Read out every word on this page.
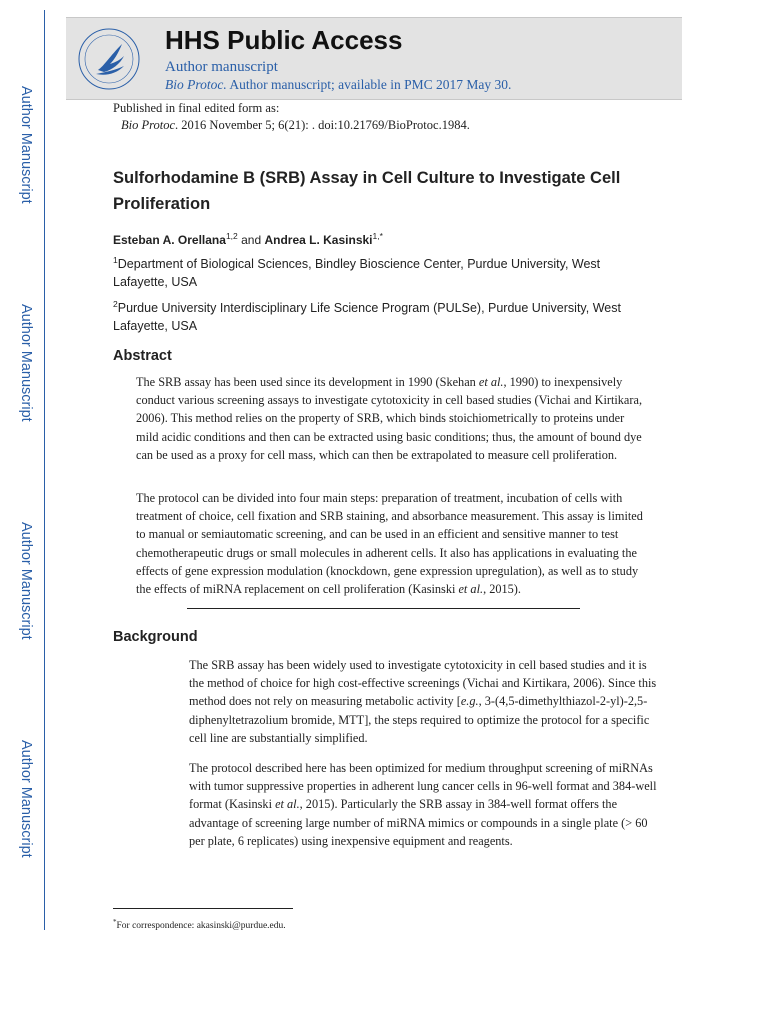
Author Manuscript
Author Manuscript
Author Manuscript
Author Manuscript
HHS Public Access
Author manuscript
Bio Protoc. Author manuscript; available in PMC 2017 May 30.
Published in final edited form as:
Bio Protoc. 2016 November 5; 6(21): . doi:10.21769/BioProtoc.1984.
Sulforhodamine B (SRB) Assay in Cell Culture to Investigate Cell Proliferation
Esteban A. Orellana$^{1,2}$ and Andrea L. Kasinski$^{1,*}$
$^1$Department of Biological Sciences, Bindley Bioscience Center, Purdue University, West Lafayette, USA
$^2$Purdue University Interdisciplinary Life Science Program (PULSe), Purdue University, West Lafayette, USA
Abstract
The SRB assay has been used since its development in 1990 (Skehan et al., 1990) to inexpensively conduct various screening assays to investigate cytotoxicity in cell based studies (Vichai and Kirtikara, 2006). This method relies on the property of SRB, which binds stoichiometrically to proteins under mild acidic conditions and then can be extracted using basic conditions; thus, the amount of bound dye can be used as a proxy for cell mass, which can then be extrapolated to measure cell proliferation.
The protocol can be divided into four main steps: preparation of treatment, incubation of cells with treatment of choice, cell fixation and SRB staining, and absorbance measurement. This assay is limited to manual or semiautomatic screening, and can be used in an efficient and sensitive manner to test chemotherapeutic drugs or small molecules in adherent cells. It also has applications in evaluating the effects of gene expression modulation (knockdown, gene expression upregulation), as well as to study the effects of miRNA replacement on cell proliferation (Kasinski et al., 2015).
Background
The SRB assay has been widely used to investigate cytotoxicity in cell based studies and it is the method of choice for high cost-effective screenings (Vichai and Kirtikara, 2006). Since this method does not rely on measuring metabolic activity [e.g., 3-(4,5-dimethylthiazol-2-yl)-2,5-diphenyltetrazolium bromide, MTT], the steps required to optimize the protocol for a specific cell line are substantially simplified.
The protocol described here has been optimized for medium throughput screening of miRNAs with tumor suppressive properties in adherent lung cancer cells in 96-well format and 384-well format (Kasinski et al., 2015). Particularly the SRB assay in 384-well format offers the advantage of screening large number of miRNA mimics or compounds in a single plate (> 60 per plate, 6 replicates) using inexpensive equipment and reagents.
*For correspondence: akasinski@purdue.edu.
